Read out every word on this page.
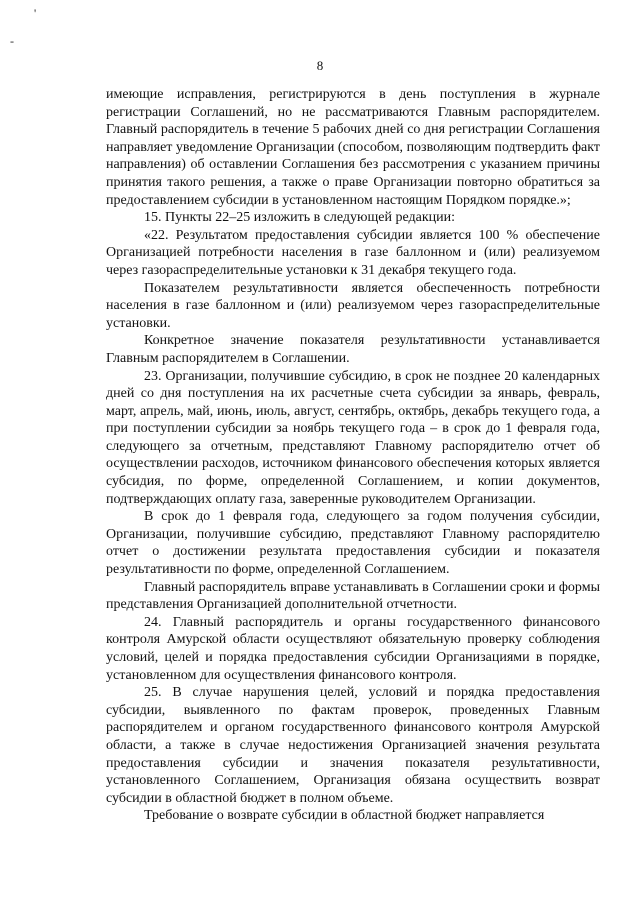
'
-
8

имеющие исправления, регистрируются в день поступления в журнале регистрации Соглашений, но не рассматриваются Главным распорядителем. Главный распорядитель в течение 5 рабочих дней со дня регистрации Соглашения направляет уведомление Организации (способом, позволяющим подтвердить факт направления) об оставлении Соглашения без рассмотрения с указанием причины принятия такого решения, а также о праве Организации повторно обратиться за предоставлением субсидии в установленном настоящим Порядком порядке.»;

15. Пункты 22–25 изложить в следующей редакции:

«22. Результатом предоставления субсидии является 100 % обеспечение Организацией потребности населения в газе баллонном и (или) реализуемом через газораспределительные установки к 31 декабря текущего года.

Показателем результативности является обеспеченность потребности населения в газе баллонном и (или) реализуемом через газораспределительные установки.

Конкретное значение показателя результативности устанавливается Главным распорядителем в Соглашении.

23. Организации, получившие субсидию, в срок не позднее 20 календарных дней со дня поступления на их расчетные счета субсидии за январь, февраль, март, апрель, май, июнь, июль, август, сентябрь, октябрь, декабрь текущего года, а при поступлении субсидии за ноябрь текущего года – в срок до 1 февраля года, следующего за отчетным, представляют Главному распорядителю отчет об осуществлении расходов, источником финансового обеспечения которых является субсидия, по форме, определенной Соглашением, и копии документов, подтверждающих оплату газа, заверенные руководителем Организации.

В срок до 1 февраля года, следующего за годом получения субсидии, Организации, получившие субсидию, представляют Главному распорядителю отчет о достижении результата предоставления субсидии и показателя результативности по форме, определенной Соглашением.

Главный распорядитель вправе устанавливать в Соглашении сроки и формы представления Организацией дополнительной отчетности.

24. Главный распорядитель и органы государственного финансового контроля Амурской области осуществляют обязательную проверку соблюдения условий, целей и порядка предоставления субсидии Организациями в порядке, установленном для осуществления финансового контроля.

25. В случае нарушения целей, условий и порядка предоставления субсидии, выявленного по фактам проверок, проведенных Главным распорядителем и органом государственного финансового контроля Амурской области, а также в случае недостижения Организацией значения результата предоставления субсидии и значения показателя результативности, установленного Соглашением, Организация обязана осуществить возврат субсидии в областной бюджет в полном объеме.

Требование о возврате субсидии в областной бюджет направляется
